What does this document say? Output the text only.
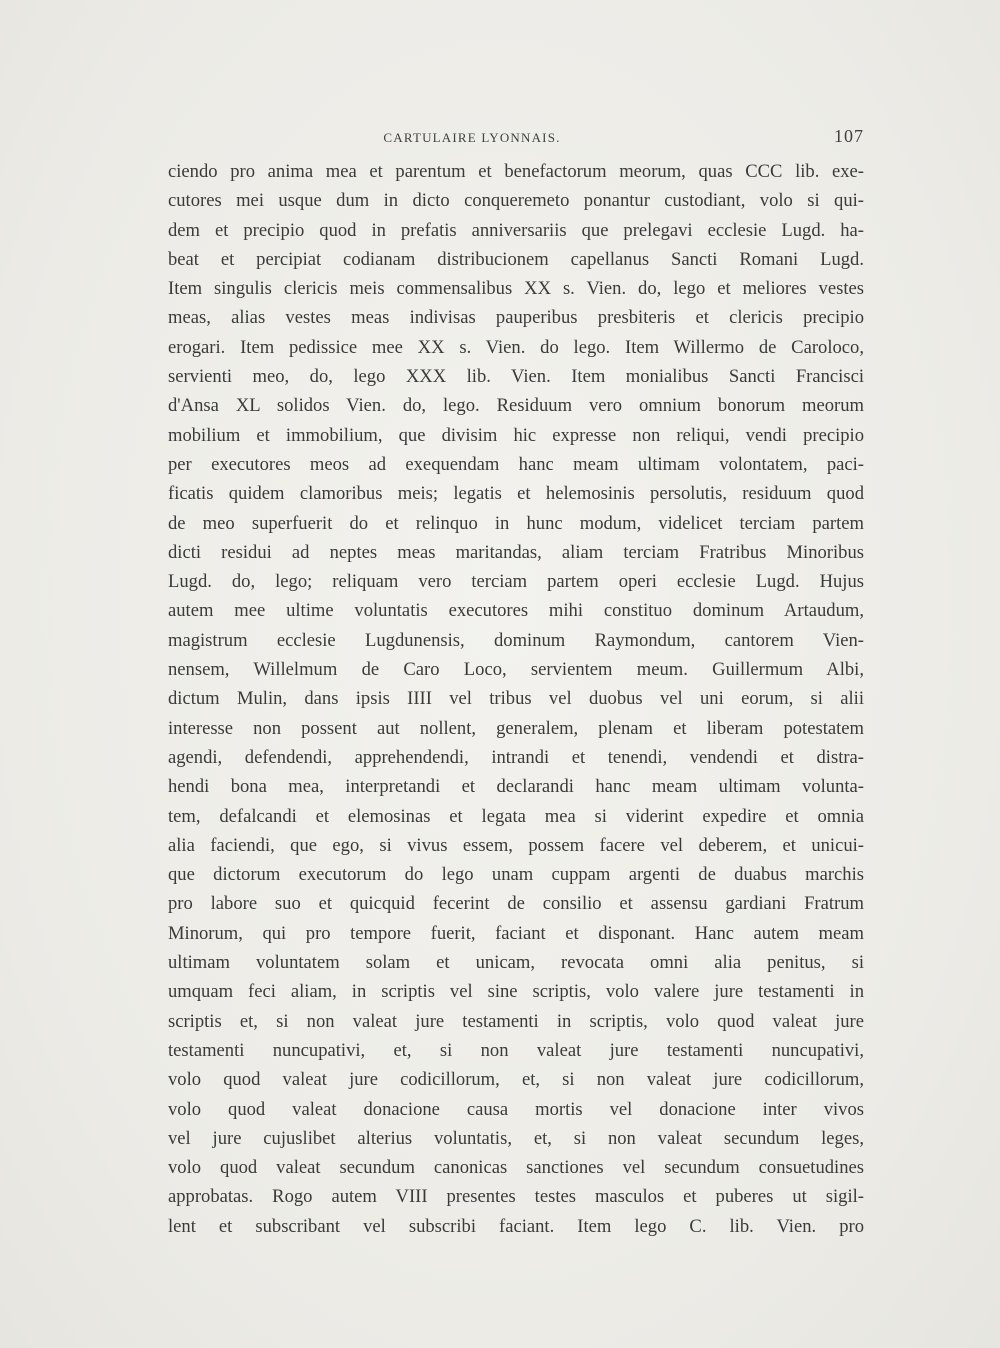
CARTULAIRE LYONNAIS.	107
ciendo pro anima mea et parentum et benefactorum meorum, quas CCC lib. exe-
cutores mei usque dum in dicto conqueremeto ponantur custodiant, volo si qui-
dem et precipio quod in prefatis anniversariis que prelegavi ecclesie Lugd. ha-
beat et percipiat codianam distribucionem capellanus Sancti Romani Lugd.
Item singulis clericis meis commensalibus XX s. Vien. do, lego et meliores vestes
meas, alias vestes meas indivisas pauperibus presbiteris et clericis precipio
erogari. Item pedissice mee XX s. Vien. do lego. Item Willermo de Caroloco,
servienti meo, do, lego XXX lib. Vien. Item monialibus Sancti Francisci
d'Ansa XL solidos Vien. do, lego. Residuum vero omnium bonorum meorum
mobilium et immobilium, que divisim hic expresse non reliqui, vendi precipio
per executores meos ad exequendam hanc meam ultimam volontatem, paci-
ficatis quidem clamoribus meis; legatis et helemosinis persolutis, residuum quod
de meo superfuerit do et relinquo in hunc modum, videlicet terciam partem
dicti residui ad neptes meas maritandas, aliam terciam Fratribus Minoribus
Lugd. do, lego; reliquam vero terciam partem operi ecclesie Lugd. Hujus
autem mee ultime voluntatis executores mihi constituo dominum Artaudum,
magistrum ecclesie Lugdunensis, dominum Raymondum, cantorem Vien-
nensem, Willelmum de Caro Loco, servientem meum. Guillermum Albi,
dictum Mulin, dans ipsis IIII vel tribus vel duobus vel uni eorum, si alii
interesse non possent aut nollent, generalem, plenam et liberam potestatem
agendi, defendendi, apprehendendi, intrandi et tenendi, vendendi et distra-
hendi bona mea, interpretandi et declarandi hanc meam ultimam volunta-
tem, defalcandi et elemosinas et legata mea si viderint expedire et omnia
alia faciendi, que ego, si vivus essem, possem facere vel deberem, et unicui-
que dictorum executorum do lego unam cuppam argenti de duabus marchis
pro labore suo et quicquid fecerint de consilio et assensu gardiani Fratrum
Minorum, qui pro tempore fuerit, faciant et disponant. Hanc autem meam
ultimam voluntatem solam et unicam, revocata omni alia penitus, si
umquam feci aliam, in scriptis vel sine scriptis, volo valere jure testamenti in
scriptis et, si non valeat jure testamenti in scriptis, volo quod valeat jure
testamenti nuncupativi, et, si non valeat jure testamenti nuncupativi,
volo quod valeat jure codicillorum, et, si non valeat jure codicillorum,
volo quod valeat donacione causa mortis vel donacione inter vivos
vel jure cujuslibet alterius voluntatis, et, si non valeat secundum leges,
volo quod valeat secundum canonicas sanctiones vel secundum consuetudines
approbatas. Rogo autem VIII presentes testes masculos et puberes ut sigil-
lent et subscribant vel subscribi faciant. Item lego C. lib. Vien. pro
